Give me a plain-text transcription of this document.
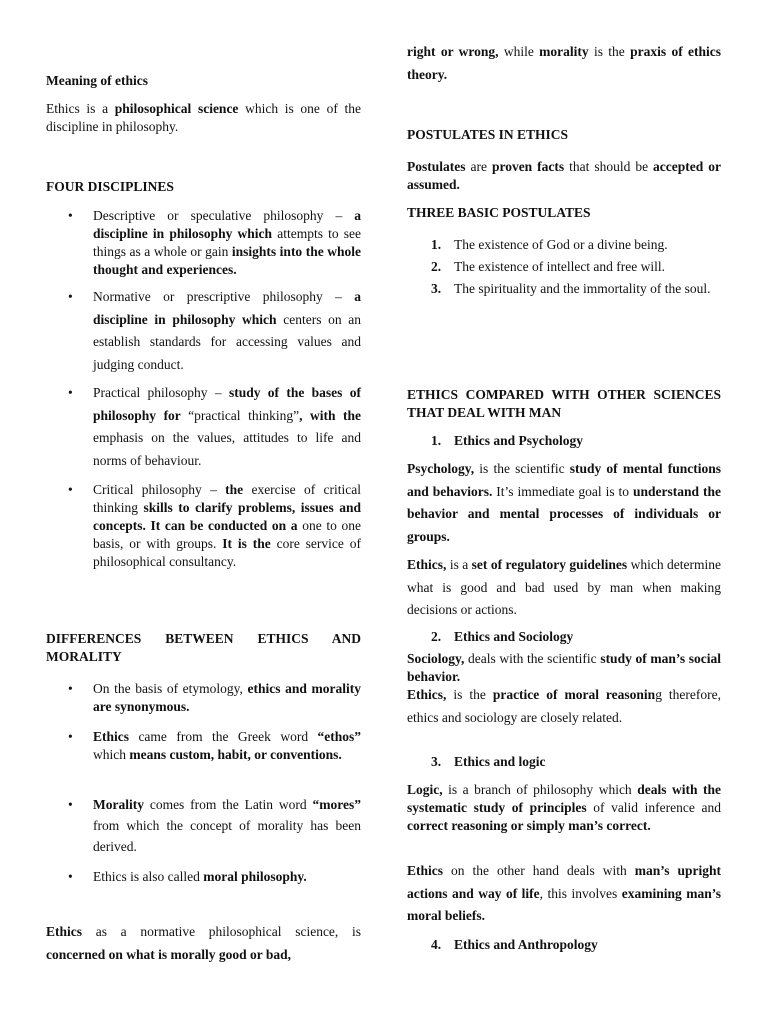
Meaning of ethics

Ethics is a philosophical science which is one of the discipline in philosophy.

FOUR DISCIPLINES
• Descriptive or speculative philosophy – a discipline in philosophy which attempts to see things as a whole or gain insights into the whole thought and experiences.
• Normative or prescriptive philosophy – a discipline in philosophy which centers on an establish standards for accessing values and judging conduct.
• Practical philosophy – study of the bases of philosophy for “practical thinking”, with the emphasis on the values, attitudes to life and norms of behaviour.
• Critical philosophy – the exercise of critical thinking skills to clarify problems, issues and concepts. It can be conducted on a one to one basis, or with groups. It is the core service of philosophical consultancy.
DIFFERENCES BETWEEN ETHICS AND MORALITY
• On the basis of etymology, ethics and morality are synonymous.
• Ethics came from the Greek word “ethos” which means custom, habit, or conventions.
• Morality comes from the Latin word “mores” from which the concept of morality has been derived.
• Ethics is also called moral philosophy.

Ethics as a normative philosophical science, is concerned on what is morally good or bad,

right or wrong, while morality is the praxis of ethics theory.

POSTULATES IN ETHICS

Postulates are proven facts that should be accepted or assumed.

THREE BASIC POSTULATES
1. The existence of God or a divine being.
2. The existence of intellect and free will.
3. The spirituality and the immortality of the soul.
ETHICS COMPARED WITH OTHER SCIENCES THAT DEAL WITH MAN
1. Ethics and Psychology

Psychology, is the scientific study of mental functions and behaviors. It’s immediate goal is to understand the behavior and mental processes of individuals or groups.

Ethics, is a set of regulatory guidelines which determine what is good and bad used by man when making decisions or actions.

2. Ethics and Sociology

Sociology, deals with the scientific study of man’s social behavior.

Ethics, is the practice of moral reasoning therefore, ethics and sociology are closely related.

3. Ethics and logic

Logic, is a branch of philosophy which deals with the systematic study of principles of valid inference and correct reasoning or simply man’s correct.

Ethics on the other hand deals with man’s upright actions and way of life, this involves examining man’s moral beliefs.

4. Ethics and Anthropology
